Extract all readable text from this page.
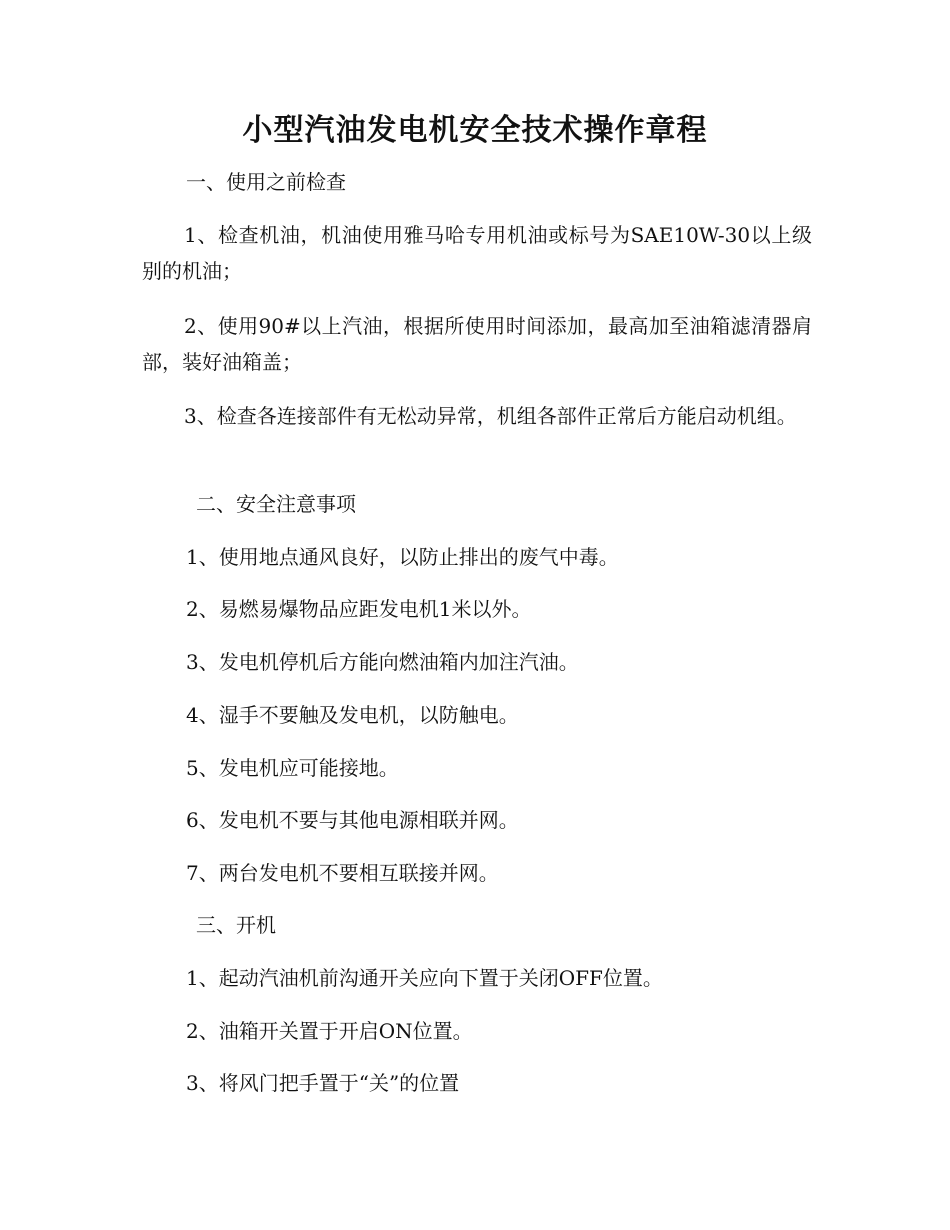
小型汽油发电机安全技术操作章程
一、使用之前检查
1、检查机油，机油使用雅马哈专用机油或标号为SAE10W-30以上级别的机油；
2、使用90#以上汽油，根据所使用时间添加，最高加至油箱滤清器肩部，装好油箱盖；
3、检查各连接部件有无松动异常，机组各部件正常后方能启动机组。
二、安全注意事项
1、使用地点通风良好，以防止排出的废气中毒。
2、易燃易爆物品应距发电机1米以外。
3、发电机停机后方能向燃油箱内加注汽油。
4、湿手不要触及发电机，以防触电。
5、发电机应可能接地。
6、发电机不要与其他电源相联并网。
7、两台发电机不要相互联接并网。
三、开机
1、起动汽油机前沟通开关应向下置于关闭OFF位置。
2、油箱开关置于开启ON位置。
3、将风门把手置于“关”的位置
